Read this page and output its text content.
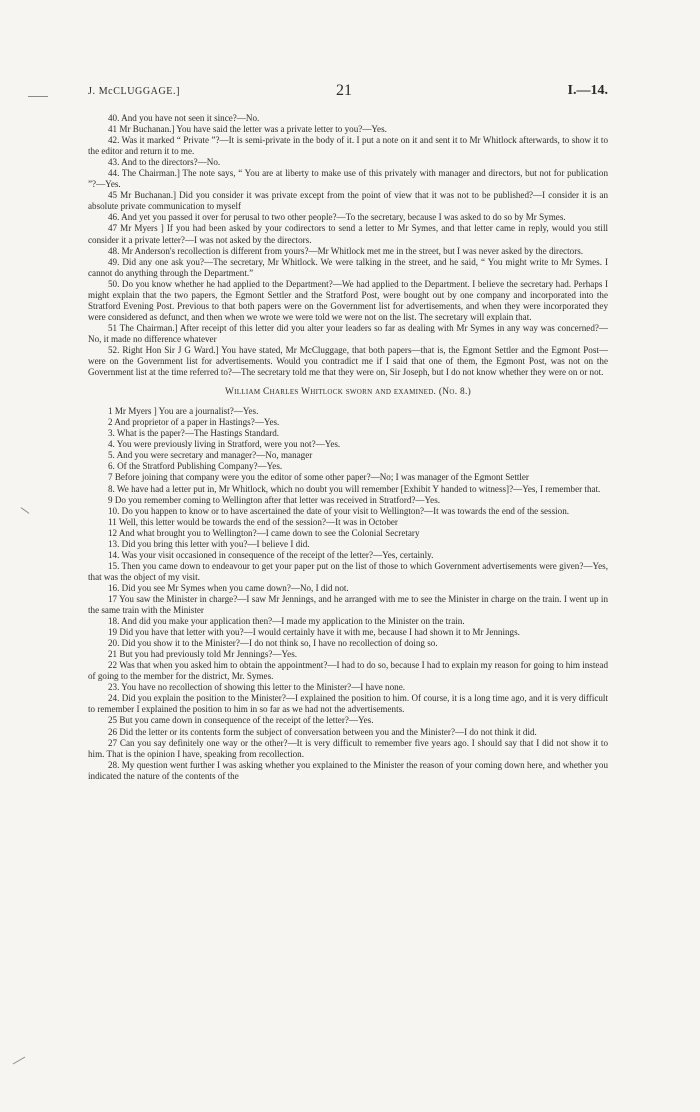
J. McCLUGGAGE.]	21	I.—14.

40. And you have not seen it since?—No.

41 Mr Buchanan.] You have said the letter was a private letter to you?—Yes.

42. Was it marked “ Private ”?—It is semi-private in the body of it. I put a note on it and sent it to Mr Whitlock afterwards, to show it to the editor and return it to me.

43. And to the directors?—No.

44. The Chairman.] The note says, “ You are at liberty to make use of this privately with manager and directors, but not for publication ”?—Yes.

45 Mr Buchanan.] Did you consider it was private except from the point of view that it was not to be published?—I consider it is an absolute private communication to myself

46. And yet you passed it over for perusal to two other people?—To the secretary, because I was asked to do so by Mr Symes.

47 Mr Myers ] If you had been asked by your codirectors to send a letter to Mr Symes, and that letter came in reply, would you still consider it a private letter?—I was not asked by the directors.

48. Mr Anderson's recollection is different from yours?—Mr Whitlock met me in the street, but I was never asked by the directors.

49. Did any one ask you?—The secretary, Mr Whitlock. We were talking in the street, and he said, “ You might write to Mr Symes. I cannot do anything through the Department.”

50. Do you know whether he had applied to the Department?—We had applied to the Department. I believe the secretary had. Perhaps I might explain that the two papers, the Egmont Settler and the Stratford Post, were bought out by one company and incorporated into the Stratford Evening Post. Previous to that both papers were on the Government list for advertisements, and when they were incorporated they were considered as defunct, and then when we wrote we were told we were not on the list. The secretary will explain that.

51 The Chairman.] After receipt of this letter did you alter your leaders so far as dealing with Mr Symes in any way was concerned?—No, it made no difference whatever

52. Right Hon Sir J G Ward.] You have stated, Mr McCluggage, that both papers—that is, the Egmont Settler and the Egmont Post—were on the Government list for advertisements. Would you contradict me if I said that one of them, the Egmont Post, was not on the Government list at the time referred to?—The secretary told me that they were on, Sir Joseph, but I do not know whether they were on or not.

William Charles Whitlock sworn and examined. (No. 8.)

1 Mr Myers ] You are a journalist?—Yes.

2 And proprietor of a paper in Hastings?—Yes.

3. What is the paper?—The Hastings Standard.

4. You were previously living in Stratford, were you not?—Yes.

5. And you were secretary and manager?—No, manager

6. Of the Stratford Publishing Company?—Yes.

7 Before joining that company were you the editor of some other paper?—No; I was manager of the Egmont Settler

8. We have had a letter put in, Mr Whitlock, which no doubt you will remember [Exhibit Y handed to witness]?—Yes, I remember that.

9 Do you remember coming to Wellington after that letter was received in Stratford?—Yes.

10. Do you happen to know or to have ascertained the date of your visit to Wellington?—It was towards the end of the session.

11 Well, this letter would be towards the end of the session?—It was in October

12 And what brought you to Wellington?—I came down to see the Colonial Secretary

13. Did you bring this letter with you?—I believe I did.

14. Was your visit occasioned in consequence of the receipt of the letter?—Yes, certainly.

15. Then you came down to endeavour to get your paper put on the list of those to which Government advertisements were given?—Yes, that was the object of my visit.

16. Did you see Mr Symes when you came down?—No, I did not.

17 You saw the Minister in charge?—I saw Mr Jennings, and he arranged with me to see the Minister in charge on the train. I went up in the same train with the Minister

18. And did you make your application then?—I made my application to the Minister on the train.

19 Did you have that letter with you?—I would certainly have it with me, because I had shown it to Mr Jennings.

20. Did you show it to the Minister?—I do not think so, I have no recollection of doing so.

21 But you had previously told Mr Jennings?—Yes.

22 Was that when you asked him to obtain the appointment?—I had to do so, because I had to explain my reason for going to him instead of going to the member for the district, Mr. Symes.

23. You have no recollection of showing this letter to the Minister?—I have none.

24. Did you explain the position to the Minister?—I explained the position to him. Of course, it is a long time ago, and it is very difficult to remember I explained the position to him in so far as we had not the advertisements.

25 But you came down in consequence of the receipt of the letter?—Yes.

26 Did the letter or its contents form the subject of conversation between you and the Minister?—I do not think it did.

27 Can you say definitely one way or the other?—It is very difficult to remember five years ago. I should say that I did not show it to him. That is the opinion I have, speaking from recollection.

28. My question went further I was asking whether you explained to the Minister the reason of your coming down here, and whether you indicated the nature of the contents of the
